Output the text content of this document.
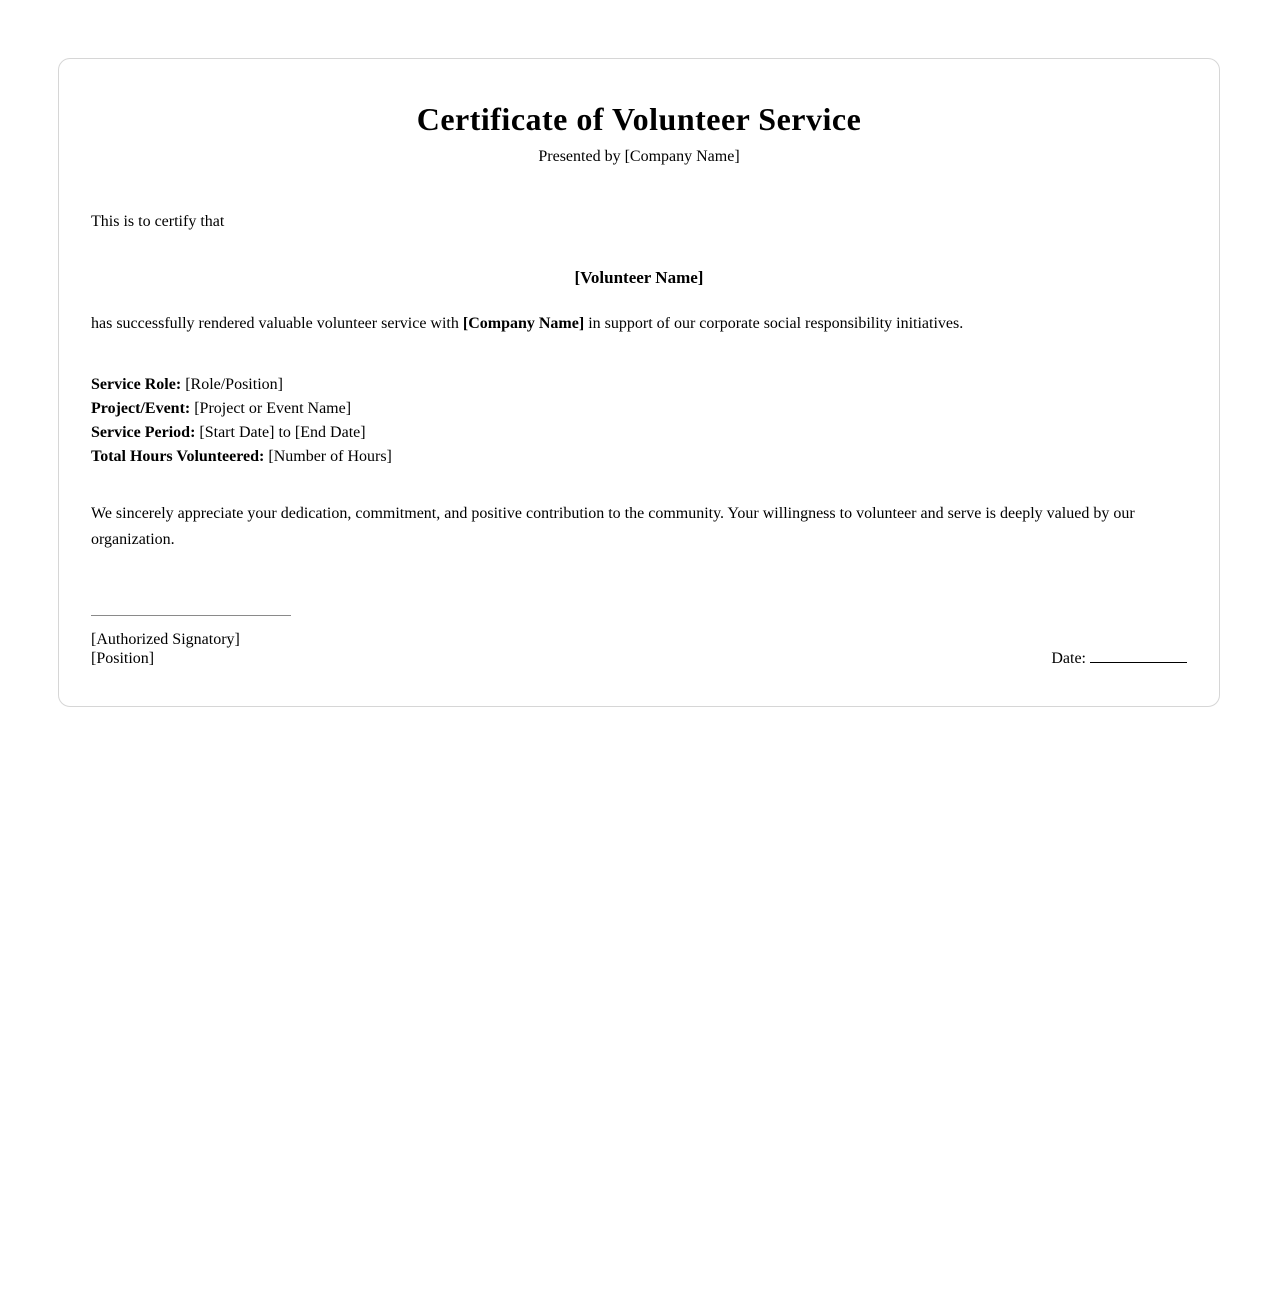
Certificate of Volunteer Service
Presented by [Company Name]
This is to certify that
[Volunteer Name]

has successfully rendered valuable volunteer service with [Company Name] in support of our corporate social responsibility initiatives.

Service Role: [Role/Position]
Project/Event: [Project or Event Name]
Service Period: [Start Date] to [End Date]
Total Hours Volunteered: [Number of Hours]

We sincerely appreciate your dedication, commitment, and positive contribution to the community. Your willingness to volunteer and serve is deeply valued by our organization.

[Authorized Signatory]
[Position]	Date:
